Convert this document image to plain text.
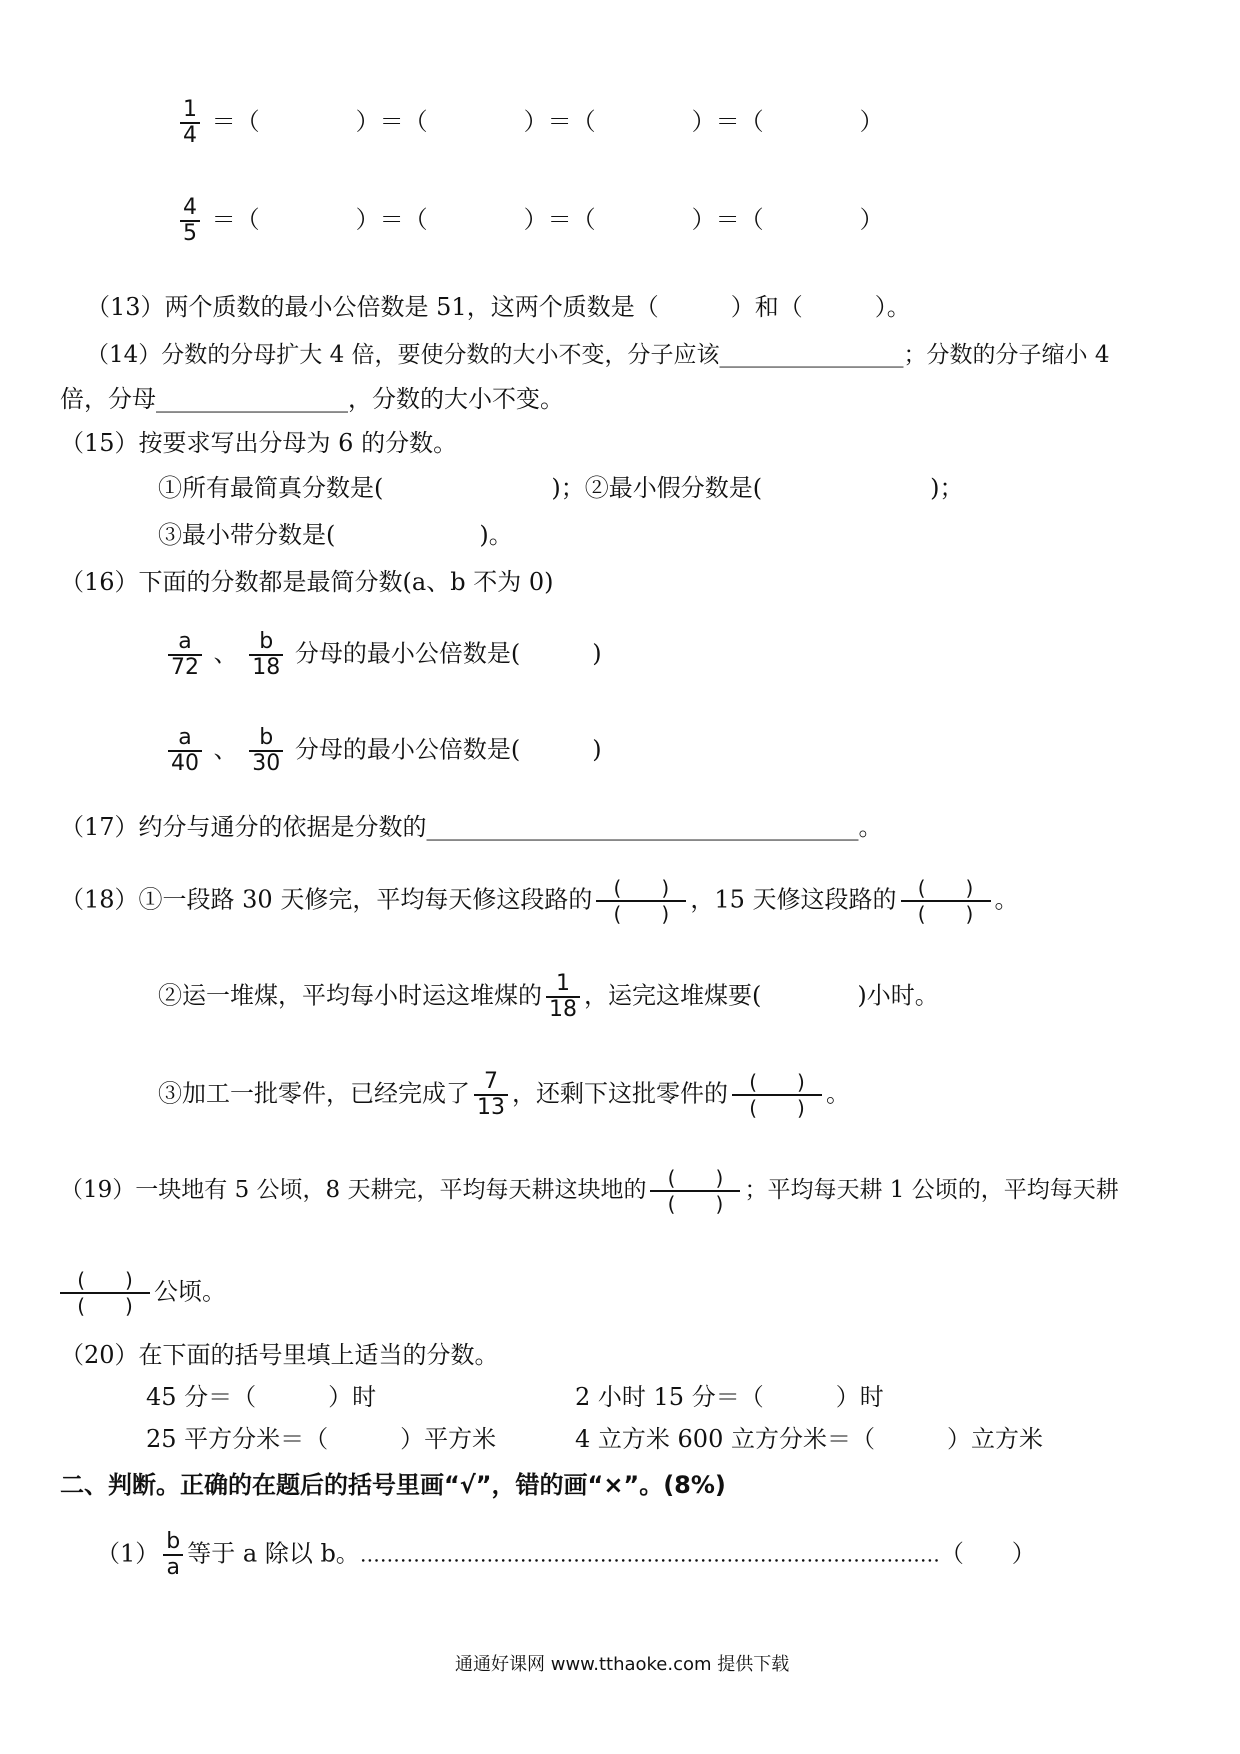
$\frac{1}{4}$ ＝（　　　　）＝（　　　　）＝（　　　　）＝（　　　　）
$\frac{4}{5}$ ＝（　　　　）＝（　　　　）＝（　　　　）＝（　　　　）
（13）两个质数的最小公倍数是 51，这两个质数是（　　　）和（　　　）。
（14）分数的分母扩大 4 倍，要使分数的大小不变，分子应该________________；分数的分子缩小 4
倍，分母________________，分数的大小不变。
（15）按要求写出分母为 6 的分数。
①所有最简真分数是(　　　　　　　)；②最小假分数是(　　　　　　　)；
③最小带分数是(　　　　　　)。
（16）下面的分数都是最简分数(a、b 不为 0)
$\frac{a}{72}$ 、 $\frac{b}{18}$ 分母的最小公倍数是(　　　)
$\frac{a}{40}$ 、 $\frac{b}{30}$ 分母的最小公倍数是(　　　)
（17）约分与通分的依据是分数的____________________________________。
（18）①一段路 30 天修完，平均每天修这段路的 $\frac{( )}{( )}$ ，15 天修这段路的 $\frac{( )}{( )}$ 。
②运一堆煤，平均每小时运这堆煤的 $\frac{1}{18}$ ，运完这堆煤要(　　　　)小时。
③加工一批零件，已经完成了 $\frac{7}{13}$ ，还剩下这批零件的 $\frac{( )}{( )}$ 。
（19）一块地有 5 公顷，8 天耕完，平均每天耕这块地的 $\frac{( )}{( )}$ ；平均每天耕 1 公顷的，平均每天耕
$\frac{( )}{( )}$ 公顷。
（20）在下面的括号里填上适当的分数。
45 分＝（　　　）时	2 小时 15 分＝（　　　）时
25 平方分米＝（　　　）平方米	4 立方米 600 立方分米＝（　　　）立方米
二、判断。正确的在题后的括号里画“√”，错的画“×”。(8%)
$(1) \frac{b}{a}$ 等于 a 除以 b。……………………………………………………………………………（　　）
通通好课网 www.tthaoke.com 提供下载
